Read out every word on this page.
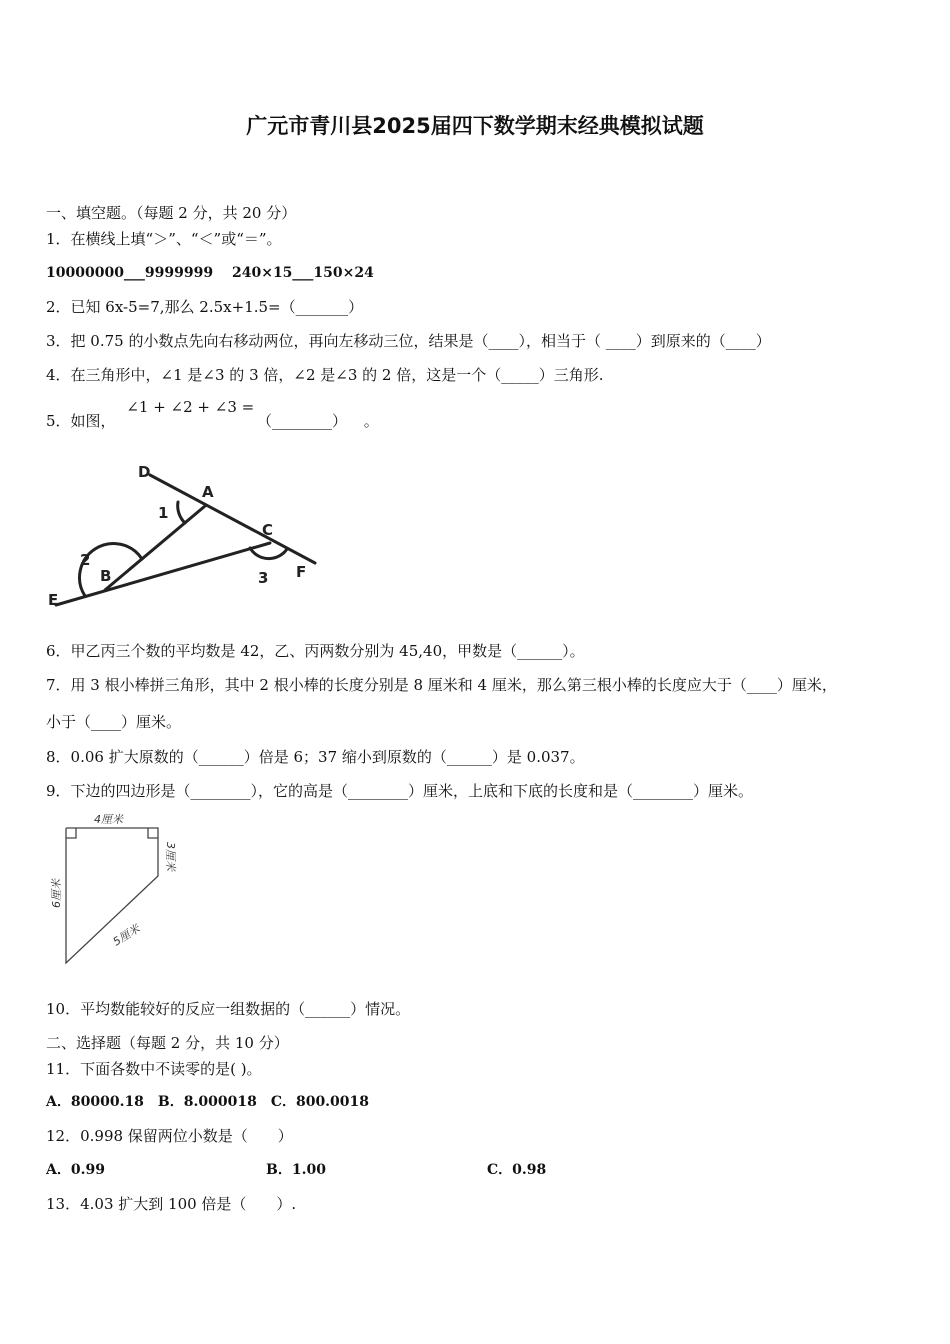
广元市青川县2025届四下数学期末经典模拟试题
一、填空题。（每题 2 分，共 20 分）
1．在横线上填“＞”、“＜”或“＝”。
10000000___9999999　 240×15___150×24
2．已知 6x-5=7,那么 2.5x+1.5=（_______）
3．把 0.75 的小数点先向右移动两位，再向左移动三位，结果是（____），相当于（ ____）到原来的（____）
4．在三角形中，∠1 是∠3 的 3 倍，∠2 是∠3 的 2 倍，这是一个（_____）三角形.
5．如图， ∠1 + ∠2 + ∠3 = （________） 。
D
A
1
C
2
B	3
E
F
6．甲乙丙三个数的平均数是 42，乙、丙两数分别为 45,40，甲数是（______）。
7．用 3 根小棒拼三角形，其中 2 根小棒的长度分别是 8 厘米和 4 厘米，那么第三根小棒的长度应大于（____）厘米，
小于（____）厘米。
8．0.06 扩大原数的（______）倍是 6；37 缩小到原数的（______）是 0.037。
9．下边的四边形是（________），它的高是（________）厘米，上底和下底的长度和是（________）厘米。
4厘米
3厘米
6厘米
5厘米
10．平均数能较好的反应一组数据的（______）情况。
二、选择题（每题 2 分，共 10 分）
11．下面各数中不读零的是( )。
A．80000.18　B．8.000018　C．800.0018
12．0.998 保留两位小数是（　　）
A．0.99	B．1.00	C．0.98
13．4.03 扩大到 100 倍是（　　）.
